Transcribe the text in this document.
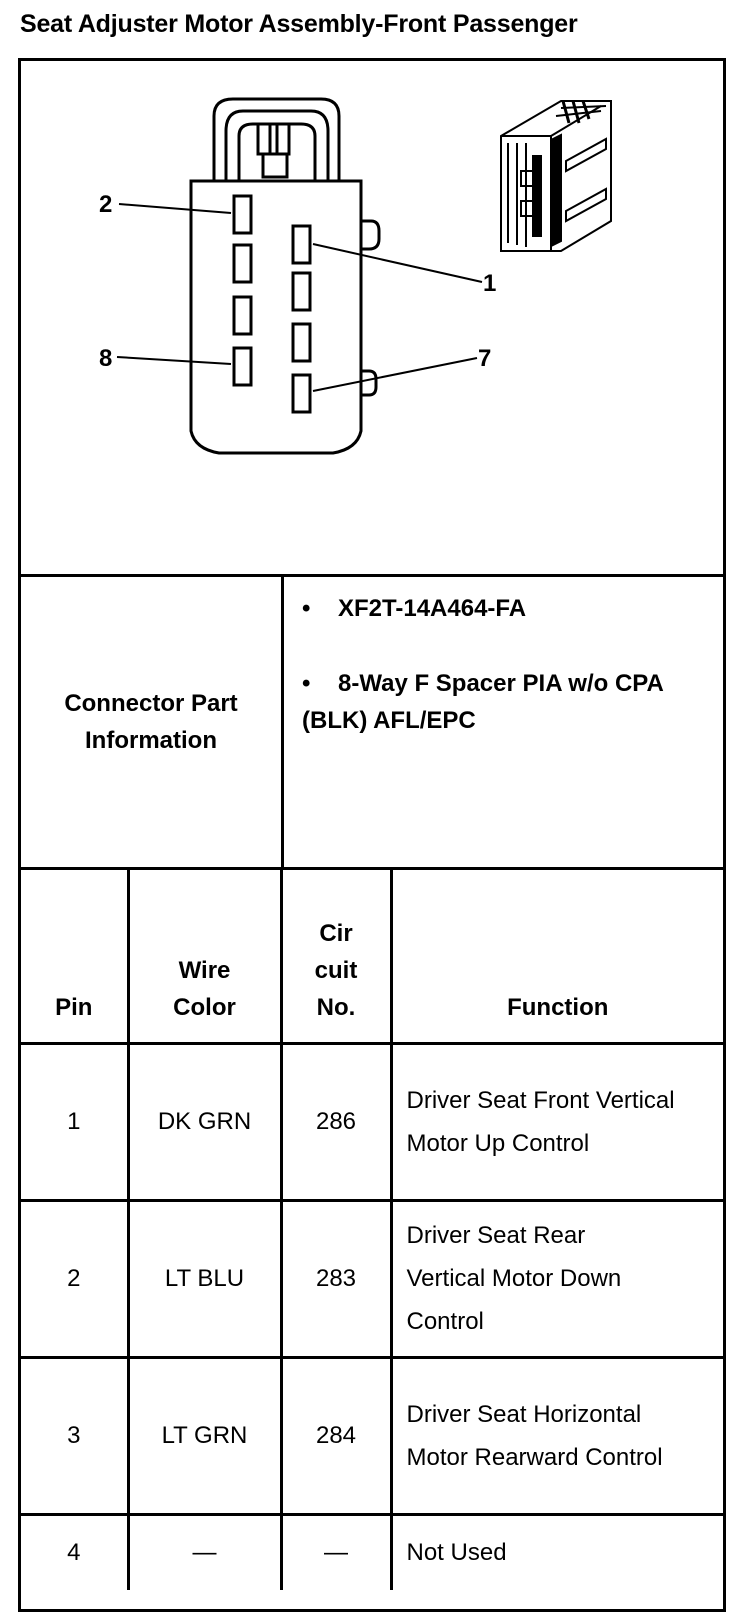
Seat Adjuster Motor Assembly-Front Passenger
2
1
8	7
Connector Part Information
• XF2T-14A464-FA
• 8-Way F Spacer PIA w/o CPA (BLK) AFL/EPC
Pin	Wire Color	Cir cuit No.	Function
1	DK GRN	286	Driver Seat Front Vertical Motor Up Control
2	LT BLU	283	Driver Seat Rear Vertical Motor Down Control
3	LT GRN	284	Driver Seat Horizontal Motor Rearward Control
4	—	—	Not Used
